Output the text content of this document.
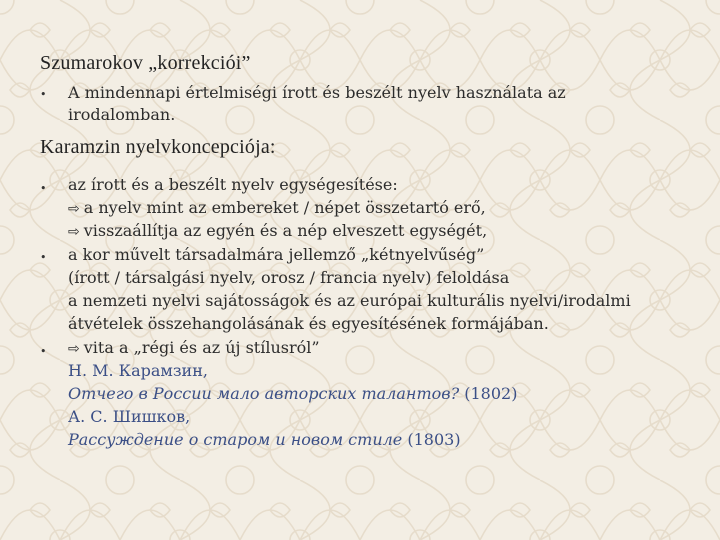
Szumarokov „korrekciói”
• A mindennapi értelmiségi írott és beszélt nyelv használata az
irodalomban.
Karamzin nyelvkoncepciója:
• az írott és a beszélt nyelv egységesítése:
⇨ a nyelv mint az embereket / népet összetartó erő,
⇨ visszaállítja az egyén és a nép elveszett egységét,
• a kor művelt társadalmára jellemző „kétnyelvűség”
(írott / társalgási nyelv, orosz / francia nyelv) feloldása
a nemzeti nyelvi sajátosságok és az európai kulturális nyelvi/irodalmi
átvételek összehangolásának és egyesítésének formájában.
• ⇨ vita a „régi és az új stílusról”
Н. М. Карамзин,
Отчего в России мало авторских талантов? (1802)
А. С. Шишков,
Рассуждение о старом и новом стиле (1803)
